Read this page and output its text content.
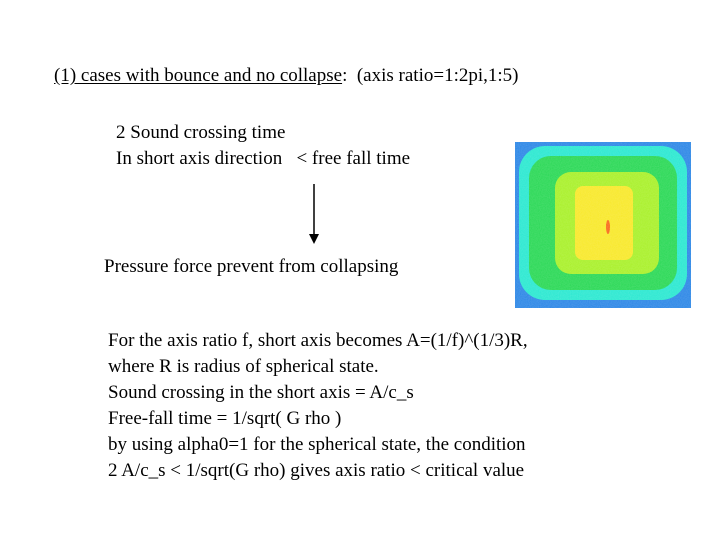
(1) cases with bounce and no collapse:  (axis ratio=1:2pi,1:5)
2 Sound crossing time
In short axis direction   < free fall time
Pressure force prevent from collapsing
For the axis ratio f, short axis becomes A=(1/f)^(1/3)R,
where R is radius of spherical state.
Sound crossing in the short axis = A/c_s
Free-fall time = 1/sqrt( G rho )
by using alpha0=1 for the spherical state, the condition
2 A/c_s < 1/sqrt(G rho) gives axis ratio < critical value
